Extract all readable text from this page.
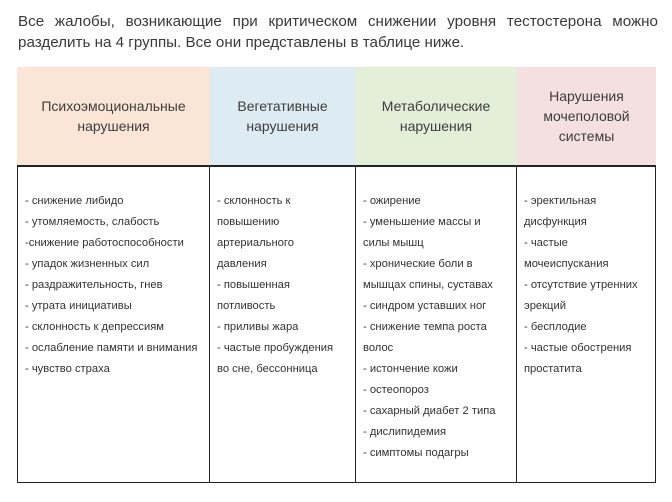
Все жалобы, возникающие при критическом снижении уровня тестостерона можно

разделить на 4 группы. Все они представлены в таблице ниже.

Психоэмоциональные
нарушения
Вегетативные
нарушения
Метаболические
нарушения
Нарушения
мочеполовой
системы
- снижение либидо
- утомляемость, слабость
-снижение работоспособности
- упадок жизненных сил
- раздражительность, гнев
- утрата инициативы
- склонность к депрессиям
- ослабление памяти и внимания
- чувство страха
- склонность к
повышению
артериального
давления
- повышенная
потливость
- приливы жара
- частые пробуждения
во сне, бессонница
- ожирение
- уменьшение массы и
силы мышц
- хронические боли в
мышцах спины, суставах
- синдром уставших ног
- снижение темпа роста
волос
- истончение кожи
- остеопороз
- сахарный диабет 2 типа
- дислипидемия
- симптомы подагры
- эректильная
дисфункция
- частые
мочеиспускания
- отсутствие утренних
эрекций
- бесплодие
- частые обострения
простатита
